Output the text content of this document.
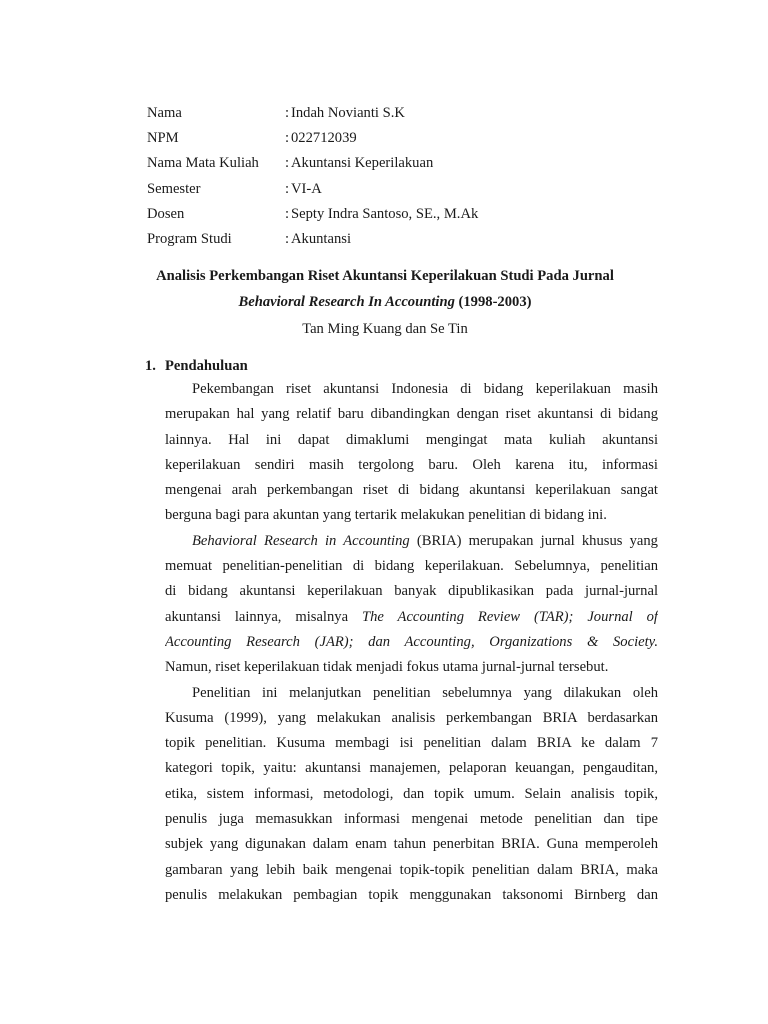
Nama	: Indah Novianti S.K
NPM	: 022712039
Nama Mata Kuliah : Akuntansi Keperilakuan
Semester	: VI-A
Dosen	: Septy Indra Santoso, SE., M.Ak
Program Studi	: Akuntansi
Analisis Perkembangan Riset Akuntansi Keperilakuan Studi Pada Jurnal
Behavioral Research In Accounting (1998-2003)
Tan Ming Kuang dan Se Tin
1. Pendahuluan
Pekembangan riset akuntansi Indonesia di bidang keperilakuan masih
merupakan hal yang relatif baru dibandingkan dengan riset akuntansi di bidang
lainnya. Hal ini dapat dimaklumi mengingat mata kuliah akuntansi
keperilakuan sendiri masih tergolong baru. Oleh karena itu, informasi
mengenai arah perkembangan riset di bidang akuntansi keperilakuan sangat
berguna bagi para akuntan yang tertarik melakukan penelitian di bidang ini.
Behavioral Research in Accounting (BRIA) merupakan jurnal khusus yang
memuat penelitian-penelitian di bidang keperilakuan. Sebelumnya, penelitian
di bidang akuntansi keperilakuan banyak dipublikasikan pada jurnal-jurnal
akuntansi lainnya, misalnya The Accounting Review (TAR); Journal of
Accounting Research (JAR); dan Accounting, Organizations & Society.
Namun, riset keperilakuan tidak menjadi fokus utama jurnal-jurnal tersebut.
Penelitian ini melanjutkan penelitian sebelumnya yang dilakukan oleh
Kusuma (1999), yang melakukan analisis perkembangan BRIA berdasarkan
topik penelitian. Kusuma membagi isi penelitian dalam BRIA ke dalam 7
kategori topik, yaitu: akuntansi manajemen, pelaporan keuangan, pengauditan,
etika, sistem informasi, metodologi, dan topik umum. Selain analisis topik,
penulis juga memasukkan informasi mengenai metode penelitian dan tipe
subjek yang digunakan dalam enam tahun penerbitan BRIA. Guna memperoleh
gambaran yang lebih baik mengenai topik-topik penelitian dalam BRIA, maka
penulis melakukan pembagian topik menggunakan taksonomi Birnberg dan
